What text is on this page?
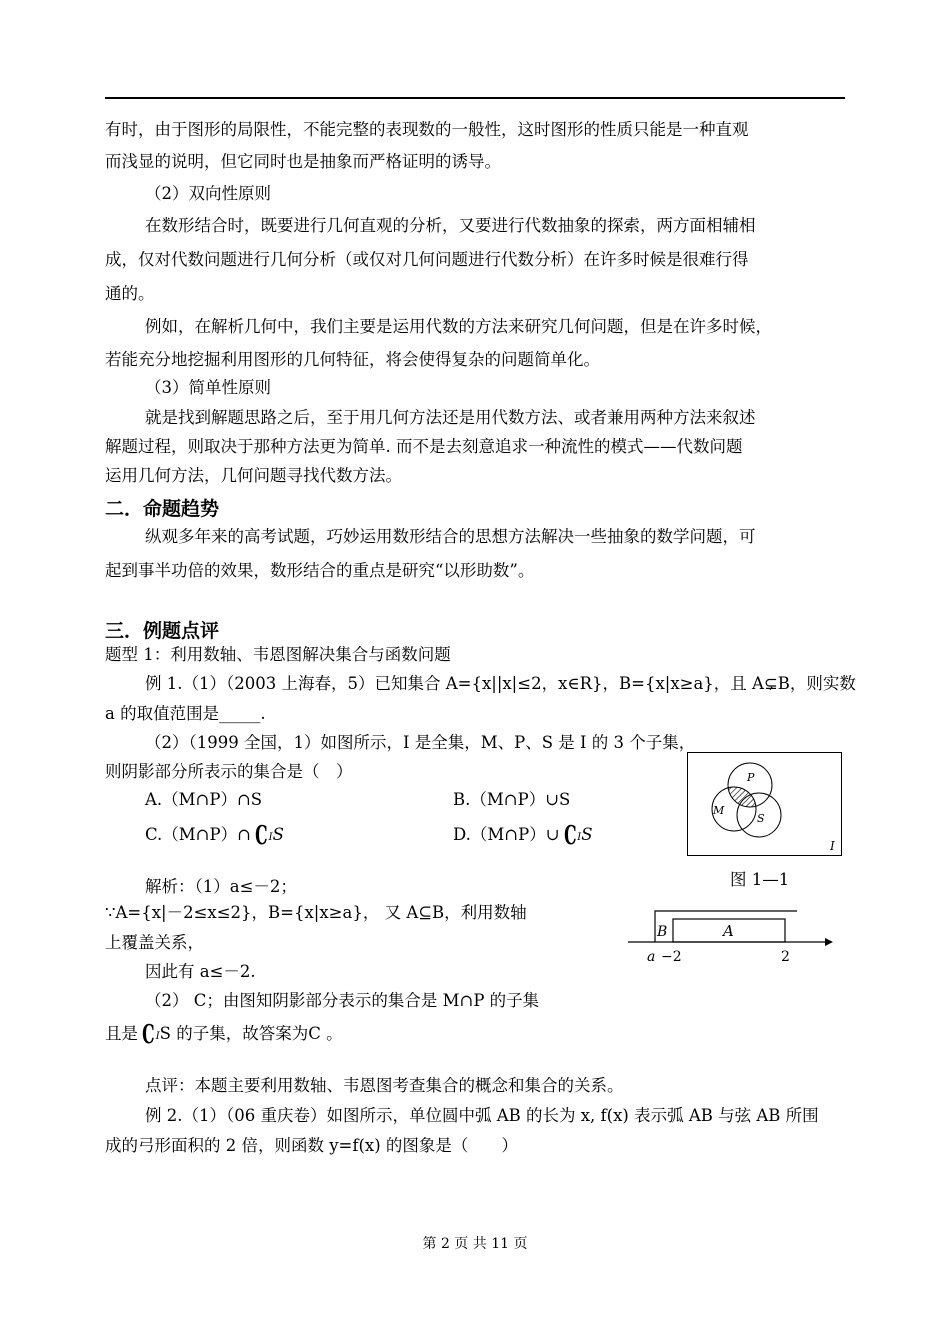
有时，由于图形的局限性，不能完整的表现数的一般性，这时图形的性质只能是一种直观
而浅显的说明，但它同时也是抽象而严格证明的诱导。
（2）双向性原则
在数形结合时，既要进行几何直观的分析，又要进行代数抽象的探索，两方面相辅相
成，仅对代数问题进行几何分析（或仅对几何问题进行代数分析）在许多时候是很难行得
通的。
例如，在解析几何中，我们主要是运用代数的方法来研究几何问题，但是在许多时候，
若能充分地挖掘利用图形的几何特征，将会使得复杂的问题简单化。
（3）简单性原则
就是找到解题思路之后，至于用几何方法还是用代数方法、或者兼用两种方法来叙述
解题过程，则取决于那种方法更为简单. 而不是去刻意追求一种流性的模式——代数问题
运用几何方法，几何问题寻找代数方法。
二．命题趋势
纵观多年来的高考试题，巧妙运用数形结合的思想方法解决一些抽象的数学问题，可
起到事半功倍的效果，数形结合的重点是研究“以形助数”。
三．例题点评
题型 1：利用数轴、韦恩图解决集合与函数问题
例 1.（1）（2003 上海春，5）已知集合 A={x||x|≤2，x∈R}，B={x|x≥a}，且 A⊊B，则实数
a 的取值范围是_____.
（2）（1999 全国，1）如图所示，I 是全集，M、P、S 是 I 的 3 个子集，
则阴影部分所表示的集合是（　）
A.（M∩P）∩S	B.（M∩P）∪S
C.（M∩P）∩ CIS	D.（M∩P）∪ CIS
P
M
S
I
图 1—1
解析：（1）a≤－2；
∵A={x|－2≤x≤2}，B={x|x≥a}， 又 A⊆B，利用数轴
上覆盖关系，
因此有 a≤－2.
（2） C；由图知阴影部分表示的集合是 M∩P 的子集
且是 CIS 的子集，故答案为C 。
B	A
a −2	2
点评：本题主要利用数轴、韦恩图考查集合的概念和集合的关系。
例 2.（1）（06 重庆卷）如图所示，单位圆中弧 AB 的长为 x, f(x) 表示弧 AB 与弦 AB 所围
成的弓形面积的 2 倍，则函数 y=f(x) 的图象是（　　）
第 2 页 共 11 页
